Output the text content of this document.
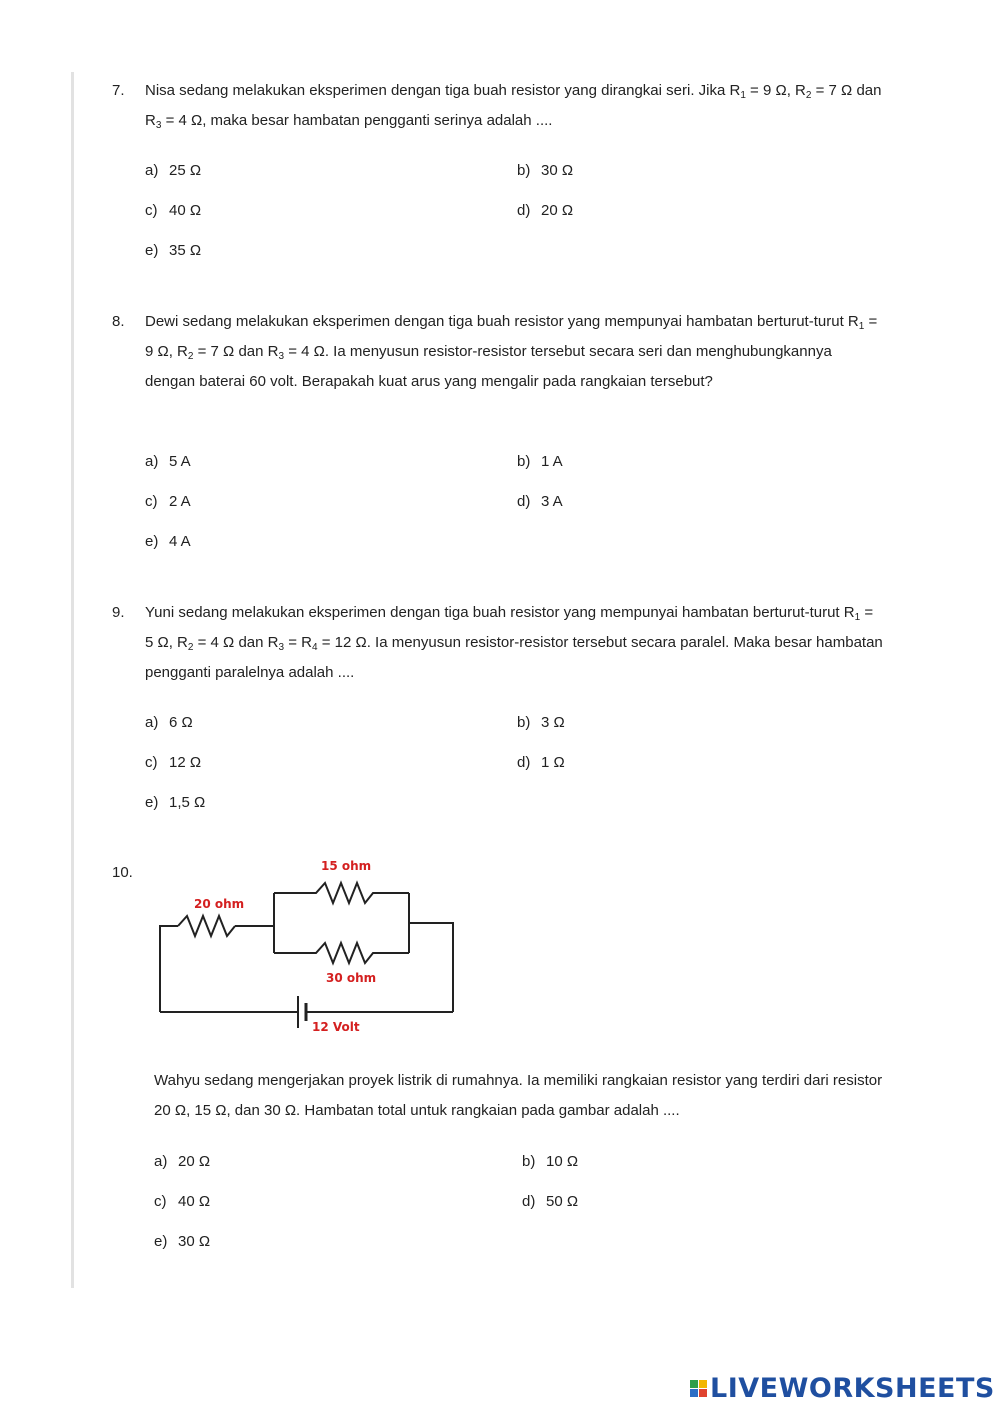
7. Nisa sedang melakukan eksperimen dengan tiga buah resistor yang dirangkai seri. Jika $R_1 = 9$ Ω, $R_2 = 7$ Ω dan $R_3 = 4$ Ω, maka besar hambatan pengganti serinya adalah ....
a) 25 Ω	b) 30 Ω
c) 40 Ω	d) 20 Ω
e) 35 Ω
8. Dewi sedang melakukan eksperimen dengan tiga buah resistor yang mempunyai hambatan berturut-turut $R_1 = 9$ Ω, $R_2 = 7$ Ω dan $R_3 = 4$ Ω. Ia menyusun resistor-resistor tersebut secara seri dan menghubungkannya dengan baterai 60 volt. Berapakah kuat arus yang mengalir pada rangkaian tersebut?
a) 5 A	b) 1 A
c) 2 A	d) 3 A
e) 4 A
9. Yuni sedang melakukan eksperimen dengan tiga buah resistor yang mempunyai hambatan berturut-turut $R_1 = 5$ Ω, $R_2 = 4$ Ω dan $R_3 = R_4 = 12$ Ω. Ia menyusun resistor-resistor tersebut secara paralel. Maka besar hambatan pengganti paralelnya adalah ....
a) 6 Ω	b) 3 Ω
c) 12 Ω	d) 1 Ω
e) 1,5 Ω
10.
20 ohm
15 ohm
30 ohm
12 Volt
Wahyu sedang mengerjakan proyek listrik di rumahnya. Ia memiliki rangkaian resistor yang terdiri dari resistor 20 Ω, 15 Ω, dan 30 Ω. Hambatan total untuk rangkaian pada gambar adalah ....
a) 20 Ω	b) 10 Ω
c) 40 Ω	d) 50 Ω
e) 30 Ω
LIVEWORKSHEETS
